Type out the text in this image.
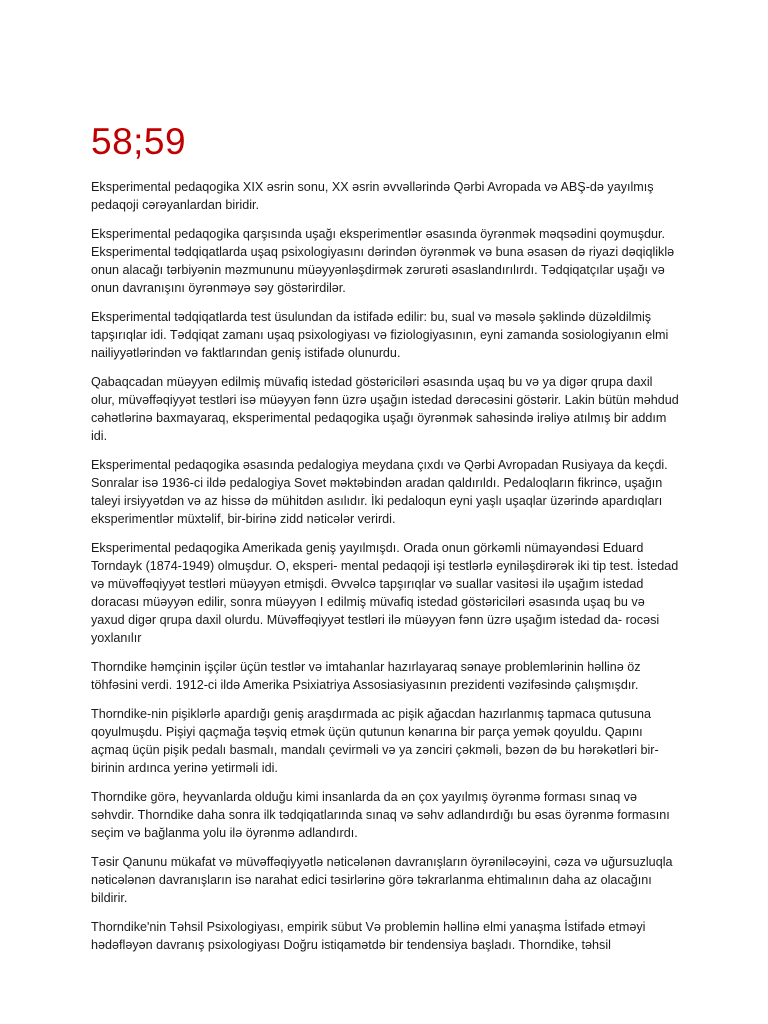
58;59

Eksperimental pedaqogika XIX əsrin sonu, XX əsrin əvvəllərində Qərbi Avropada və ABŞ-də yayılmış pedaqoji cərəyanlardan biridir.

Eksperimental pedaqogika qarşısında uşağı eksperimentlər əsasında öyrənmək məqsədini qoymuşdur. Eksperimental tədqiqatlarda uşaq psixologiyasını dərindən öyrənmək və buna əsasən də riyazi dəqiqliklə onun alacağı tərbiyənin məzmununu müəyyənləşdirmək zərurəti əsaslandırılırdı. Tədqiqatçılar uşağı və onun davranışını öyrənməyə səy göstərirdilər.

Eksperimental tədqiqatlarda test üsulundan da istifadə edilir: bu, sual və məsələ şəklində düzəldilmiş tapşırıqlar idi. Tədqiqat zamanı uşaq psixologiyası və fiziologiyasının, eyni zamanda sosiologiyanın elmi nailiyyətlərindən və faktlarından geniş istifadə olunurdu.

Qabaqcadan müəyyən edilmiş müvafiq istedad göstəriciləri əsasında uşaq bu və ya digər qrupa daxil olur, müvəffəqiyyət testləri isə müəyyən fənn üzrə uşağın istedad dərəcəsini göstərir. Lakin bütün məhdud cəhətlərinə baxmayaraq, eksperimental pedaqogika uşağı öyrənmək sahəsində irəliyə atılmış bir addım idi.

Eksperimental pedaqogika əsasında pedalogiya meydana çıxdı və Qərbi Avropadan Rusiyaya da keçdi. Sonralar isə 1936-ci ildə pedalogiya Sovet məktəbindən aradan qaldırıldı. Pedaloqların fikrincə, uşağın taleyi irsiyyətdən və az hissə də mühitdən asılıdır. İki pedaloqun eyni yaşlı uşaqlar üzərində apardıqları eksperimentlər müxtəlif, bir-birinə zidd nəticələr verirdi.

Eksperimental pedaqogika Amerikada geniş yayılmışdı. Orada onun görkəmli nümayəndəsi Eduard Torndayk (1874-1949) olmuşdur. O, eksperi- mental pedaqoji işi testlərlə eyniləşdirərək iki tip test. İstedad və müvəffəqiyyət testləri müəyyən etmişdi. Əvvəlcə tapşırıqlar və suallar vasitəsi ilə uşağım istedad doracası müəyyən edilir, sonra müəyyən I edilmiş müvafiq istedad göstəriciləri əsasında uşaq bu və yaxud digər qrupa daxil olurdu. Müvəffəqiyyət testləri ilə müəyyən fənn üzrə uşağım istedad da- rocəsi yoxlanılır

Thorndike həmçinin işçilər üçün testlər və imtahanlar hazırlayaraq sənaye problemlərinin həllinə öz töhfəsini verdi. 1912-ci ildə Amerika Psixiatriya Assosiasiyasının prezidenti vəzifəsində çalışmışdır.

Thorndike-nin pişiklərlə apardığı geniş araşdırmada ac pişik ağacdan hazırlanmış tapmaca qutusuna qoyulmuşdu. Pişiyi qaçmağa təşviq etmək üçün qutunun kənarına bir parça yemək qoyuldu. Qapını açmaq üçün pişik pedalı basmalı, mandalı çevirməli və ya zənciri çəkməli, bəzən də bu hərəkətləri bir-birinin ardınca yerinə yetirməli idi.

Thorndike görə, heyvanlarda olduğu kimi insanlarda da ən çox yayılmış öyrənmə forması sınaq və səhvdir. Thorndike daha sonra ilk tədqiqatlarında sınaq və səhv adlandırdığı bu əsas öyrənmə formasını seçim və bağlanma yolu ilə öyrənmə adlandırdı.

Təsir Qanunu mükafat və müvəffəqiyyətlə nəticələnən davranışların öyrəniləcəyini, cəza və uğursuzluqla nəticələnən davranışların isə narahat edici təsirlərinə görə təkrarlanma ehtimalının daha az olacağını bildirir.

Thorndike'nin Təhsil Psixologiyası, empirik sübut Və problemin həllinə elmi yanaşma İstifadə etməyi hədəfləyən davranış psixologiyası Doğru istiqamətdə bir tendensiya başladı. Thorndike, təhsil
